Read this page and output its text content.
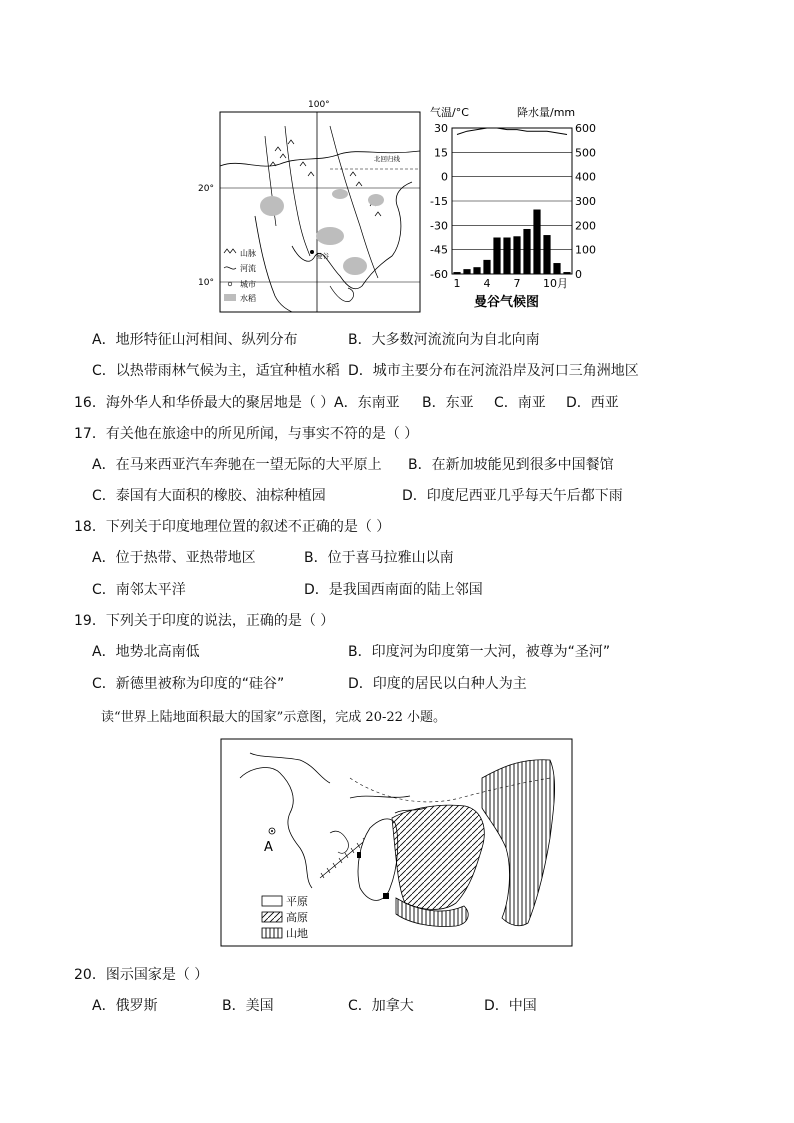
100°
20°
10°
北回归线
曼谷
山脉
河流
城市
水稻
气温/°C	降水量/mm
30
15
0
-15
-30
-45
-60
600
500
400
300
200
100
0
1 4 7 10月
曼谷气候图
A．地形特征山河相间、纵列分布	B．大多数河流流向为自北向南
C．以热带雨林气候为主，适宜种植水稻 D．城市主要分布在河流沿岸及河口三角洲地区
16．海外华人和华侨最大的聚居地是（ ） A．东南亚 B．东亚 C．南亚 D．西亚
17．有关他在旅途中的所见所闻，与事实不符的是（ ）
A．在马来西亚汽车奔驰在一望无际的大平原上 B．在新加坡能见到很多中国餐馆
C．泰国有大面积的橡胶、油棕种植园	D．印度尼西亚几乎每天午后都下雨
18．下列关于印度地理位置的叙述不正确的是（ ）
A．位于热带、亚热带地区	B．位于喜马拉雅山以南
C．南邻太平洋	D．是我国西南面的陆上邻国
19．下列关于印度的说法，正确的是（ ）
A．地势北高南低	B．印度河为印度第一大河，被尊为“圣河”
C．新德里被称为印度的“硅谷”	D．印度的居民以白种人为主
读“世界上陆地面积最大的国家”示意图，完成 20-22 小题。
A
平原
高原
山地
20．图示国家是（ ）
A．俄罗斯	B．美国	C．加拿大	D．中国
